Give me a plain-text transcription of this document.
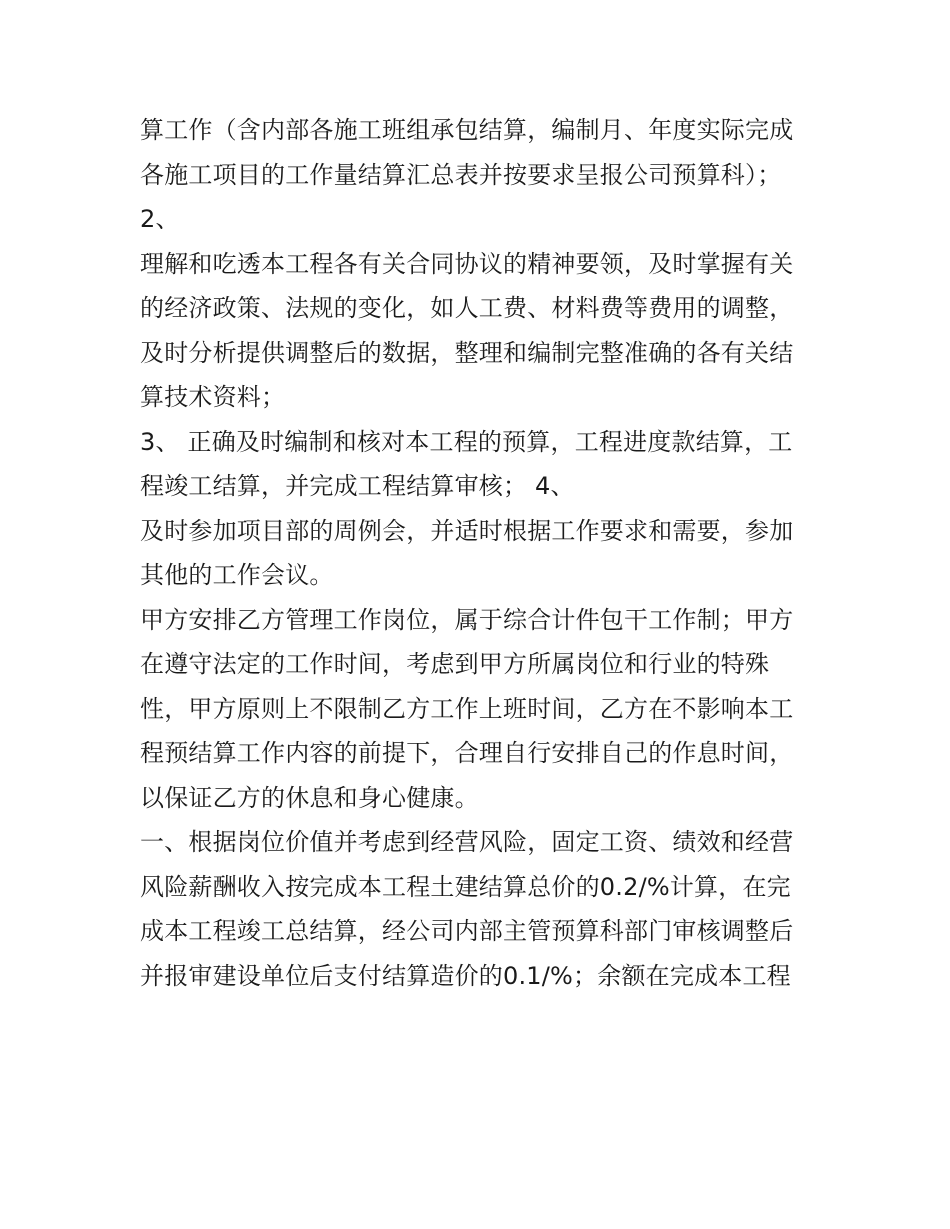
算工作（含内部各施工班组承包结算，编制月、年度实际完成
各施工项目的工作量结算汇总表并按要求呈报公司预算科）；
2、
理解和吃透本工程各有关合同协议的精神要领，及时掌握有关
的经济政策、法规的变化，如人工费、材料费等费用的调整，
及时分析提供调整后的数据，整理和编制完整准确的各有关结
算技术资料；
3、 正确及时编制和核对本工程的预算，工程进度款结算，工
程竣工结算，并完成工程结算审核； 4、
及时参加项目部的周例会，并适时根据工作要求和需要，参加
其他的工作会议。
甲方安排乙方管理工作岗位，属于综合计件包干工作制；甲方
在遵守法定的工作时间，考虑到甲方所属岗位和行业的特殊
性，甲方原则上不限制乙方工作上班时间，乙方在不影响本工
程预结算工作内容的前提下，合理自行安排自己的作息时间，
以保证乙方的休息和身心健康。
一、根据岗位价值并考虑到经营风险，固定工资、绩效和经营
风险薪酬收入按完成本工程土建结算总价的0.2/%计算，在完
成本工程竣工总结算，经公司内部主管预算科部门审核调整后
并报审建设单位后支付结算造价的0.1/%；余额在完成本工程
